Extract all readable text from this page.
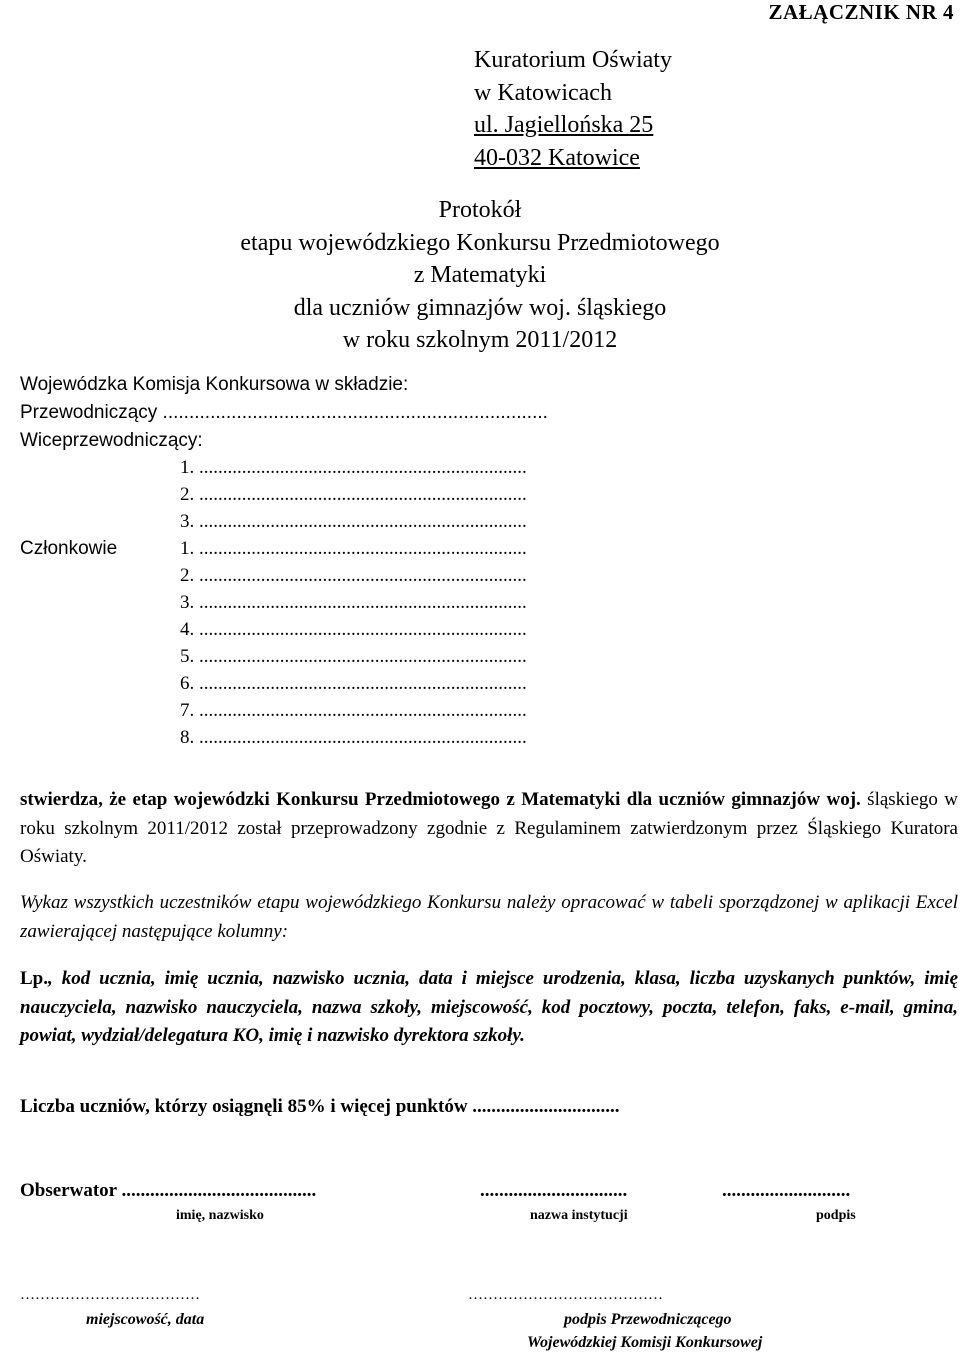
ZAŁĄCZNIK NR 4
Kuratorium Oświaty
w Katowicach
ul. Jagiellońska 25
40-032 Katowice
Protokół
etapu wojewódzkiego Konkursu Przedmiotowego
z Matematyki
dla uczniów gimnazjów woj. śląskiego
w roku szkolnym 2011/2012
Wojewódzka Komisja Konkursowa w składzie:
Przewodniczący .........................................................................
Wiceprzewodniczący:
1. .....................................................................
2. .....................................................................
3. .....................................................................
Członkowie	1. .....................................................................
2. .....................................................................
3. .....................................................................
4. .....................................................................
5. .....................................................................
6. .....................................................................
7. .....................................................................
8. .....................................................................
stwierdza, że etap wojewódzki Konkursu Przedmiotowego z Matematyki dla uczniów gimnazjów woj. śląskiego w roku szkolnym 2011/2012 został przeprowadzony zgodnie z Regulaminem zatwierdzonym przez Śląskiego Kuratora Oświaty.
Wykaz wszystkich uczestników etapu wojewódzkiego Konkursu należy opracować w tabeli sporządzonej w aplikacji Excel zawierającej następujące kolumny:
Lp., kod ucznia, imię ucznia, nazwisko ucznia, data i miejsce urodzenia, klasa, liczba uzyskanych punktów, imię nauczyciela, nazwisko nauczyciela, nazwa szkoły, miejscowość, kod pocztowy, poczta, telefon, faks, e-mail, gmina, powiat, wydział/delegatura KO, imię i nazwisko dyrektora szkoły.
Liczba uczniów, którzy osiągnęli 85% i więcej punktów ...............................
Obserwator .........................................	...............................	...........................
imię, nazwisko	nazwa instytucji	podpis
………………………………	…………………………………
miejscowość, data	podpis Przewodniczącego
Wojewódzkiej Komisji Konkursowej
